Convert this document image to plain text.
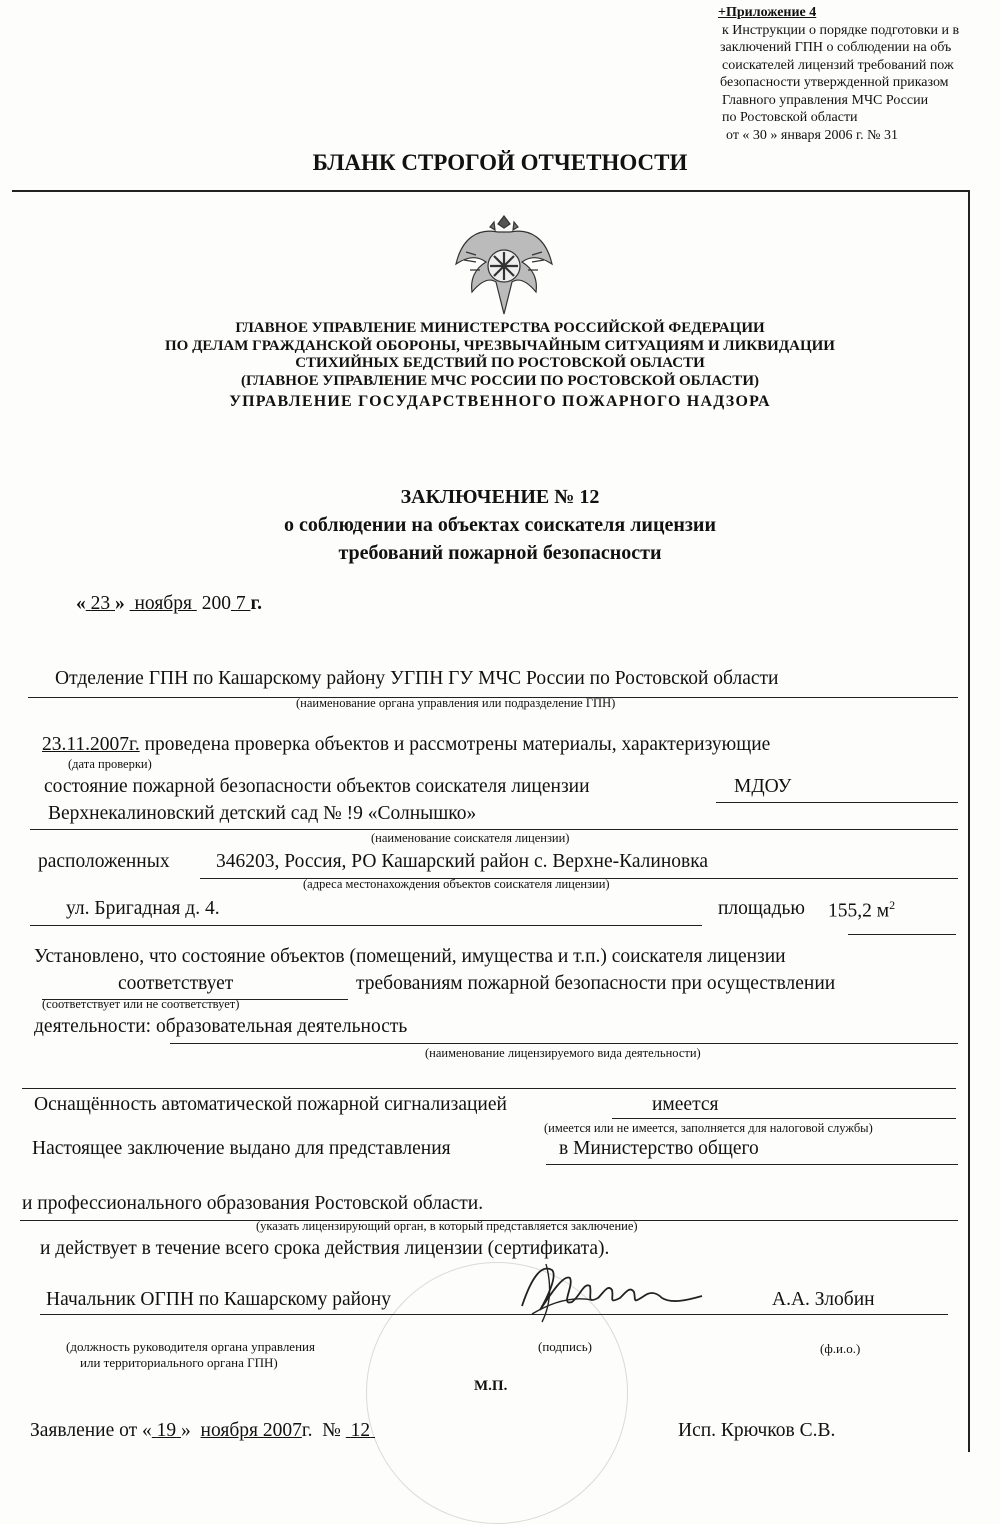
+Приложение 4
к Инструкции о порядке подготовки и в
заключений ГПН о соблюдении на объ
соискателей лицензий требований пож
безопасности утвержденной приказом
Главного управления МЧС России
по Ростовской области
от « 30 » января 2006 г. № 31
БЛАНК СТРОГОЙ ОТЧЕТНОСТИ
ГЛАВНОЕ УПРАВЛЕНИЕ МИНИСТЕРСТВА РОССИЙСКОЙ ФЕДЕРАЦИИ
ПО ДЕЛАМ ГРАЖДАНСКОЙ ОБОРОНЫ, ЧРЕЗВЫЧАЙНЫМ СИТУАЦИЯМ И ЛИКВИДАЦИИ
СТИХИЙНЫХ БЕДСТВИЙ ПО РОСТОВСКОЙ ОБЛАСТИ
(ГЛАВНОЕ УПРАВЛЕНИЕ МЧС РОССИИ ПО РОСТОВСКОЙ ОБЛАСТИ)
УПРАВЛЕНИЕ ГОСУДАРСТВЕННОГО ПОЖАРНОГО НАДЗОРА
ЗАКЛЮЧЕНИЕ № 12
о соблюдении на объектах соискателя лицензии
требований пожарной безопасности
« 23 » ноября 200 7 г.
Отделение ГПН по Кашарскому району УГПН ГУ МЧС России по Ростовской области
(наименование органа управления или подразделение ГПН)
23.11.2007г. проведена проверка объектов и рассмотрены материалы, характеризующие
(дата проверки)
состояние пожарной безопасности объектов соискателя лицензии	МДОУ
Верхнекалиновский детский сад № !9 «Солнышко»
(наименование соискателя лицензии)
расположенных 346203, Россия, РО Кашарский район с. Верхне-Калиновка
(адреса местонахождения объектов соискателя лицензии)
ул. Бригадная д. 4.	площадью 155,2 $м^2$
Установлено, что состояние объектов (помещений, имущества и т.п.) соискателя лицензии
соответствует
(соответствует или не соответствует)
требованиям пожарной безопасности при осуществлении
деятельности: образовательная деятельность
(наименование лицензируемого вида деятельности)
Оснащённость автоматической пожарной сигнализацией	имеется
(имеется или не имеется, заполняется для налоговой службы)
Настоящее заключение выдано для представления	в Министерство общего
и профессионального образования Ростовской области.
(указать лицензирующий орган, в который представляется заключение)
и действует в течение всего срока действия лицензии (сертификата).
Начальник ОГПН по Кашарскому району	А.А. Злобин
(должность руководителя органа управления
или территориального органа ГПН)
(подпись)	(ф.и.о.)
М.П.
Заявление от « 19 » ноября 2007г. № 12	Исп. Крючков С.В.
